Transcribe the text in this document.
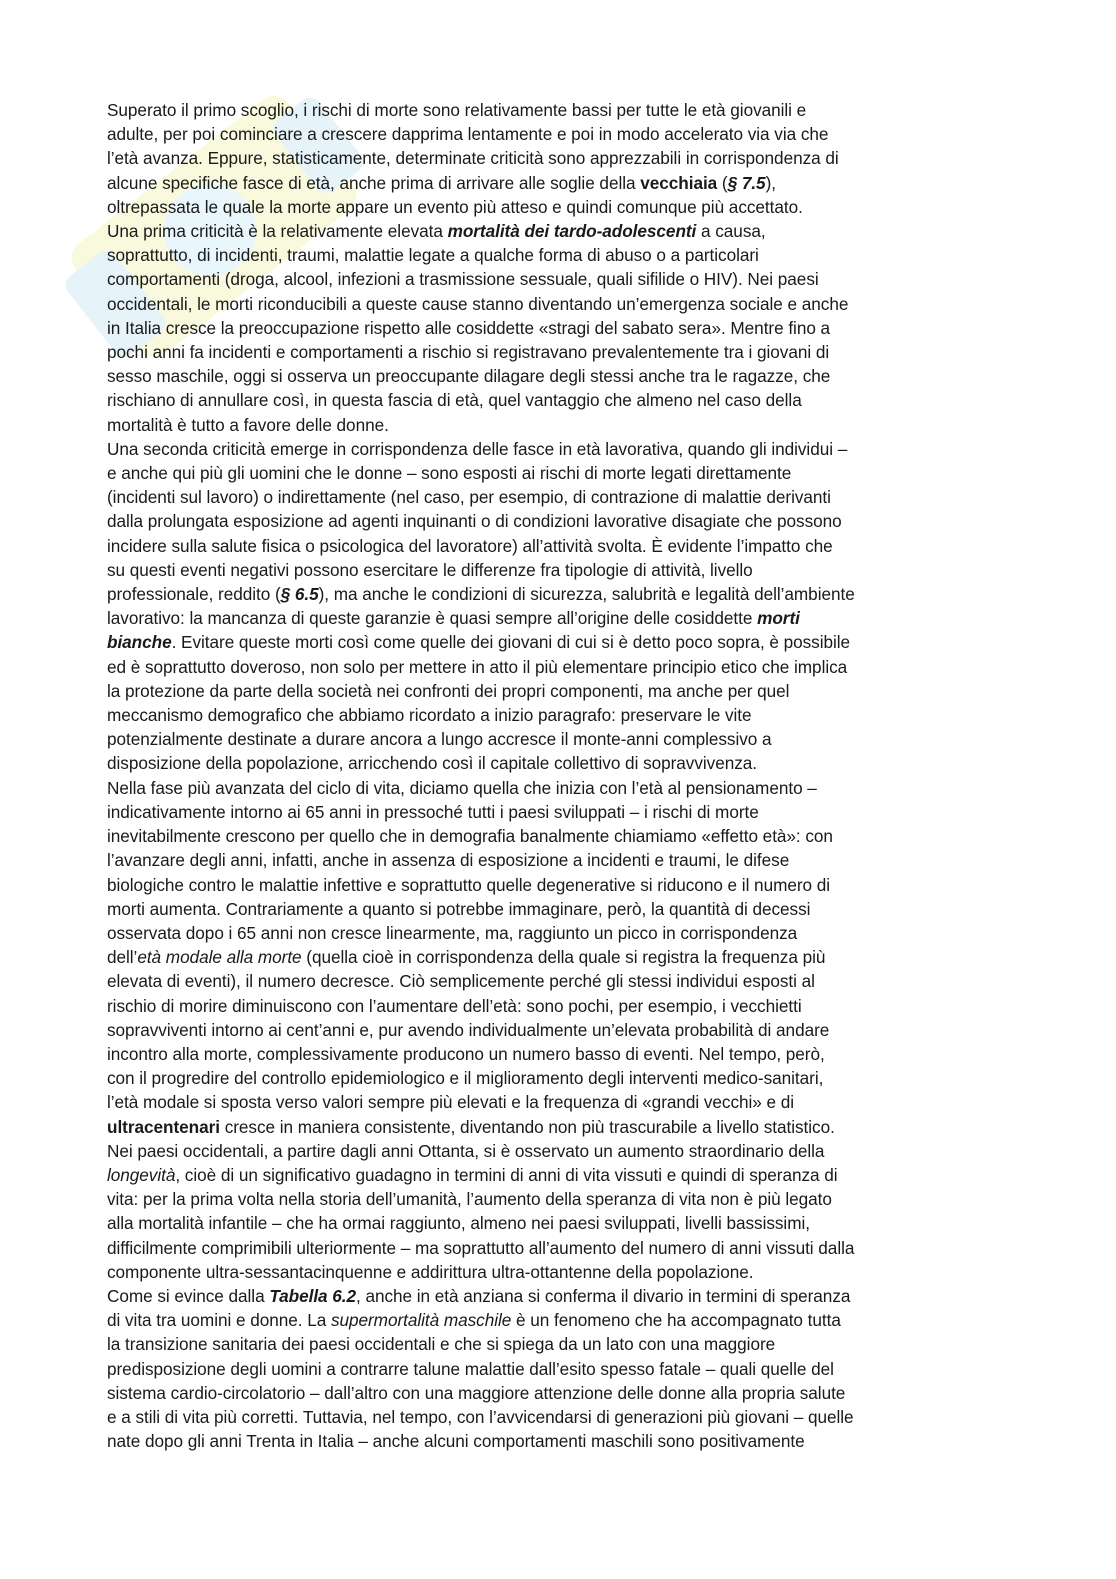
Superato il primo scoglio, i rischi di morte sono relativamente bassi per tutte le età giovanili e
adulte, per poi cominciare a crescere dapprima lentamente e poi in modo accelerato via via che
l’età avanza. Eppure, statisticamente, determinate criticità sono apprezzabili in corrispondenza di
alcune specifiche fasce di età, anche prima di arrivare alle soglie della vecchiaia (§ 7.5),
oltrepassata le quale la morte appare un evento più atteso e quindi comunque più accettato.

Una prima criticità è la relativamente elevata mortalità dei tardo-adolescenti a causa,
soprattutto, di incidenti, traumi, malattie legate a qualche forma di abuso o a particolari
comportamenti (droga, alcool, infezioni a trasmissione sessuale, quali sifilide o HIV). Nei paesi
occidentali, le morti riconducibili a queste cause stanno diventando un’emergenza sociale e anche
in Italia cresce la preoccupazione rispetto alle cosiddette «stragi del sabato sera». Mentre fino a
pochi anni fa incidenti e comportamenti a rischio si registravano prevalentemente tra i giovani di
sesso maschile, oggi si osserva un preoccupante dilagare degli stessi anche tra le ragazze, che
rischiano di annullare così, in questa fascia di età, quel vantaggio che almeno nel caso della
mortalità è tutto a favore delle donne.

Una seconda criticità emerge in corrispondenza delle fasce in età lavorativa, quando gli individui –
e anche qui più gli uomini che le donne – sono esposti ai rischi di morte legati direttamente
(incidenti sul lavoro) o indirettamente (nel caso, per esempio, di contrazione di malattie derivanti
dalla prolungata esposizione ad agenti inquinanti o di condizioni lavorative disagiate che possono
incidere sulla salute fisica o psicologica del lavoratore) all’attività svolta. È evidente l’impatto che
su questi eventi negativi possono esercitare le differenze fra tipologie di attività, livello
professionale, reddito (§ 6.5), ma anche le condizioni di sicurezza, salubrità e legalità dell’ambiente
lavorativo: la mancanza di queste garanzie è quasi sempre all’origine delle cosiddette morti
bianche. Evitare queste morti così come quelle dei giovani di cui si è detto poco sopra, è possibile
ed è soprattutto doveroso, non solo per mettere in atto il più elementare principio etico che implica
la protezione da parte della società nei confronti dei propri componenti, ma anche per quel
meccanismo demografico che abbiamo ricordato a inizio paragrafo: preservare le vite
potenzialmente destinate a durare ancora a lungo accresce il monte-anni complessivo a
disposizione della popolazione, arricchendo così il capitale collettivo di sopravvivenza.

Nella fase più avanzata del ciclo di vita, diciamo quella che inizia con l’età al pensionamento –
indicativamente intorno ai 65 anni in pressoché tutti i paesi sviluppati – i rischi di morte
inevitabilmente crescono per quello che in demografia banalmente chiamiamo «effetto età»: con
l’avanzare degli anni, infatti, anche in assenza di esposizione a incidenti e traumi, le difese
biologiche contro le malattie infettive e soprattutto quelle degenerative si riducono e il numero di
morti aumenta. Contrariamente a quanto si potrebbe immaginare, però, la quantità di decessi
osservata dopo i 65 anni non cresce linearmente, ma, raggiunto un picco in corrispondenza
dell’età modale alla morte (quella cioè in corrispondenza della quale si registra la frequenza più
elevata di eventi), il numero decresce. Ciò semplicemente perché gli stessi individui esposti al
rischio di morire diminuiscono con l’aumentare dell’età: sono pochi, per esempio, i vecchietti
sopravviventi intorno ai cent’anni e, pur avendo individualmente un’elevata probabilità di andare
incontro alla morte, complessivamente producono un numero basso di eventi. Nel tempo, però,
con il progredire del controllo epidemiologico e il miglioramento degli interventi medico-sanitari,
l’età modale si sposta verso valori sempre più elevati e la frequenza di «grandi vecchi» e di
ultracentenari cresce in maniera consistente, diventando non più trascurabile a livello statistico.

Nei paesi occidentali, a partire dagli anni Ottanta, si è osservato un aumento straordinario della
longevità, cioè di un significativo guadagno in termini di anni di vita vissuti e quindi di speranza di
vita: per la prima volta nella storia dell’umanità, l’aumento della speranza di vita non è più legato
alla mortalità infantile – che ha ormai raggiunto, almeno nei paesi sviluppati, livelli bassissimi,
difficilmente comprimibili ulteriormente – ma soprattutto all’aumento del numero di anni vissuti dalla
componente ultra-sessantacinquenne e addirittura ultra-ottantenne della popolazione.

Come si evince dalla Tabella 6.2, anche in età anziana si conferma il divario in termini di speranza
di vita tra uomini e donne. La supermortalità maschile è un fenomeno che ha accompagnato tutta
la transizione sanitaria dei paesi occidentali e che si spiega da un lato con una maggiore
predisposizione degli uomini a contrarre talune malattie dall’esito spesso fatale – quali quelle del
sistema cardio-circolatorio – dall’altro con una maggiore attenzione delle donne alla propria salute
e a stili di vita più corretti. Tuttavia, nel tempo, con l’avvicendarsi di generazioni più giovani – quelle
nate dopo gli anni Trenta in Italia – anche alcuni comportamenti maschili sono positivamente
